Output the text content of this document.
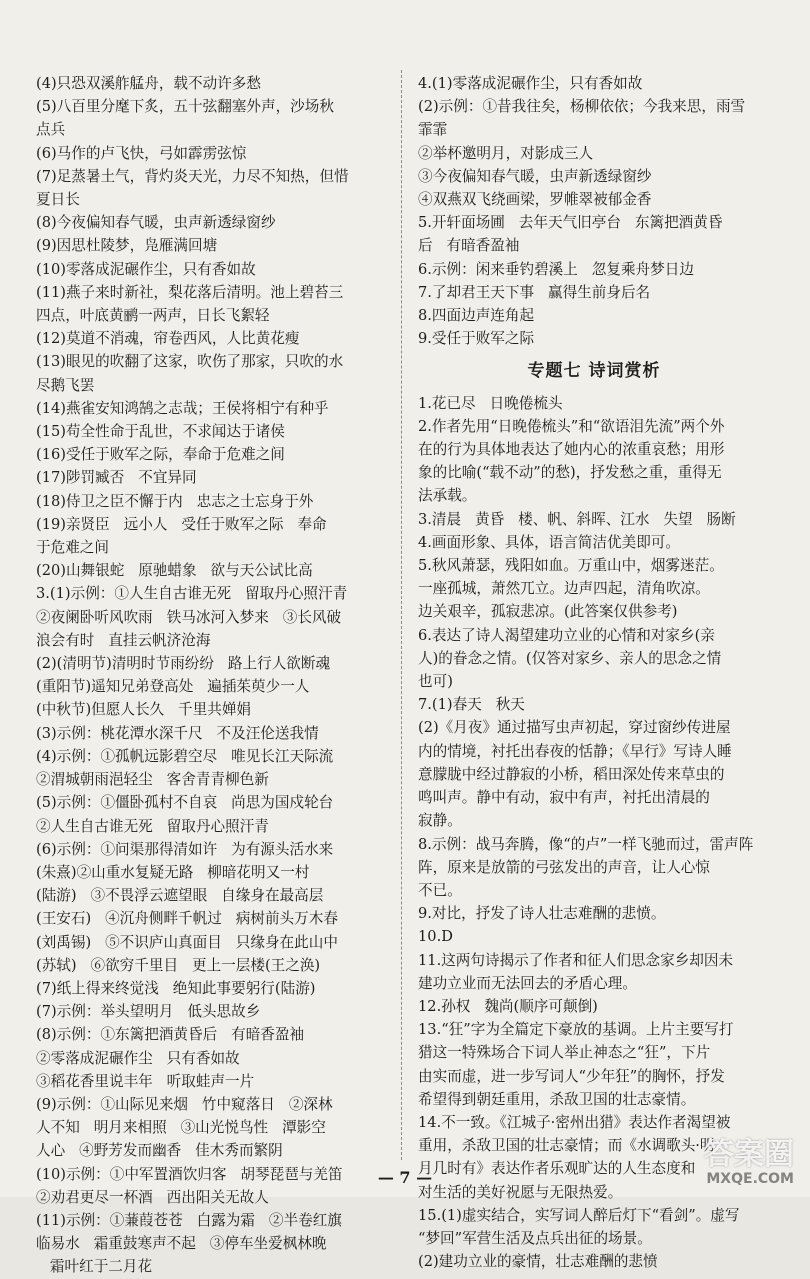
(4)只恐双溪舴艋舟，载不动许多愁
(5)八百里分麾下炙，五十弦翻塞外声，沙场秋
点兵
(6)马作的卢飞快，弓如霹雳弦惊
(7)足蒸暑土气，背灼炎天光，力尽不知热，但惜
夏日长
(8)今夜偏知春气暖，虫声新透绿窗纱
(9)因思杜陵梦，凫雁满回塘
(10)零落成泥碾作尘，只有香如故
(11)燕子来时新社，梨花落后清明。池上碧苔三
四点，叶底黄鹂一两声，日长飞絮轻
(12)莫道不消魂，帘卷西风，人比黄花瘦
(13)眼见的吹翻了这家，吹伤了那家，只吹的水
尽鹅飞罢
(14)燕雀安知鸿鹄之志哉；王侯将相宁有种乎
(15)苟全性命于乱世，不求闻达于诸侯
(16)受任于败军之际，奉命于危难之间
(17)陟罚臧否   不宜异同
(18)侍卫之臣不懈于内   忠志之士忘身于外
(19)亲贤臣   远小人   受任于败军之际   奉命
于危难之间
(20)山舞银蛇   原驰蜡象   欲与天公试比高
3.(1)示例：①人生自古谁无死   留取丹心照汗青
②夜阑卧听风吹雨   铁马冰河入梦来   ③长风破
浪会有时   直挂云帆济沧海
(2)(清明节)清明时节雨纷纷   路上行人欲断魂
(重阳节)遥知兄弟登高处   遍插茱萸少一人
(中秋节)但愿人长久   千里共婵娟
(3)示例：桃花潭水深千尺   不及汪伦送我情
(4)示例：①孤帆远影碧空尽   唯见长江天际流
②渭城朝雨浥轻尘   客舍青青柳色新
(5)示例：①僵卧孤村不自哀   尚思为国戍轮台
②人生自古谁无死   留取丹心照汗青
(6)示例：①问渠那得清如许   为有源头活水来
(朱熹)②山重水复疑无路   柳暗花明又一村
(陆游)   ③不畏浮云遮望眼   自缘身在最高层
(王安石)   ④沉舟侧畔千帆过   病树前头万木春
(刘禹锡)   ⑤不识庐山真面目   只缘身在此山中
(苏轼)   ⑥欲穷千里目   更上一层楼(王之涣)
(7)纸上得来终觉浅   绝知此事要躬行(陆游)
(7)示例：举头望明月   低头思故乡
(8)示例：①东篱把酒黄昏后   有暗香盈袖
②零落成泥碾作尘   只有香如故
③稻花香里说丰年   听取蛙声一片
(9)示例：①山际见来烟   竹中窥落日   ②深林
人不知   明月来相照   ③山光悦鸟性   潭影空
人心   ④野芳发而幽香   佳木秀而繁阴
(10)示例：①中军置酒饮归客   胡琴琵琶与羌笛
②劝君更尽一杯酒   西出阳关无故人
(11)示例：①蒹葭苍苍   白露为霜   ②半卷红旗
临易水   霜重鼓寒声不起   ③停车坐爱枫林晚
霜叶红于二月花
4.(1)零落成泥碾作尘，只有香如故
(2)示例：①昔我往矣，杨柳依依；今我来思，雨雪
霏霏
②举杯邀明月，对影成三人
③今夜偏知春气暖，虫声新透绿窗纱
④双燕双飞绕画梁，罗帷翠被郁金香
5.开轩面场圃   去年天气旧亭台   东篱把酒黄昏
后   有暗香盈袖
6.示例：闲来垂钓碧溪上   忽复乘舟梦日边
7.了却君王天下事   赢得生前身后名
8.四面边声连角起
9.受任于败军之际
专题七 诗词赏析
1.花已尽   日晚倦梳头
2.作者先用“日晚倦梳头”和“欲语泪先流”两个外
在的行为具体地表达了她内心的浓重哀愁；用形
象的比喻(“载不动”的愁)，抒发愁之重，重得无
法承载。
3.清晨   黄昏   楼、帆、斜晖、江水   失望   肠断
4.画面形象、具体，语言简洁优美即可。
5.秋风萧瑟，残阳如血。万重山中，烟雾迷茫。
一座孤城，萧然兀立。边声四起，清角吹凉。
边关艰辛，孤寂悲凉。(此答案仅供参考)
6.表达了诗人渴望建功立业的心情和对家乡(亲
人)的眷念之情。(仅答对家乡、亲人的思念之情
也可)
7.(1)春天   秋天
(2)《月夜》通过描写虫声初起，穿过窗纱传进屋
内的情境，衬托出春夜的恬静；《早行》写诗人睡
意朦胧中经过静寂的小桥，稻田深处传来草虫的
鸣叫声。静中有动，寂中有声，衬托出清晨的
寂静。
8.示例：战马奔腾，像“的卢”一样飞驰而过，雷声阵
阵，原来是放箭的弓弦发出的声音，让人心惊
不已。
9.对比，抒发了诗人壮志难酬的悲愤。
10.D
11.这两句诗揭示了作者和征人们思念家乡却因未
建功立业而无法回去的矛盾心理。
12.孙权   魏尚(顺序可颠倒)
13.“狂”字为全篇定下豪放的基调。上片主要写打
猎这一特殊场合下词人举止神态之“狂”，下片
由实而虚，进一步写词人“少年狂”的胸怀，抒发
希望得到朝廷重用，杀敌卫国的壮志豪情。
14.不一致。《江城子·密州出猎》表达作者渴望被
重用，杀敌卫国的壮志豪情；而《水调歌头·明
月几时有》表达作者乐观旷达的人生态度和
对生活的美好祝愿与无限热爱。
15.(1)虚实结合，实写词人醉后灯下“看剑”。虚写
“梦回”军营生活及点兵出征的场景。
(2)建功立业的豪情，壮志难酬的悲愤
— 7 —
答案圈
MXQE.COM
